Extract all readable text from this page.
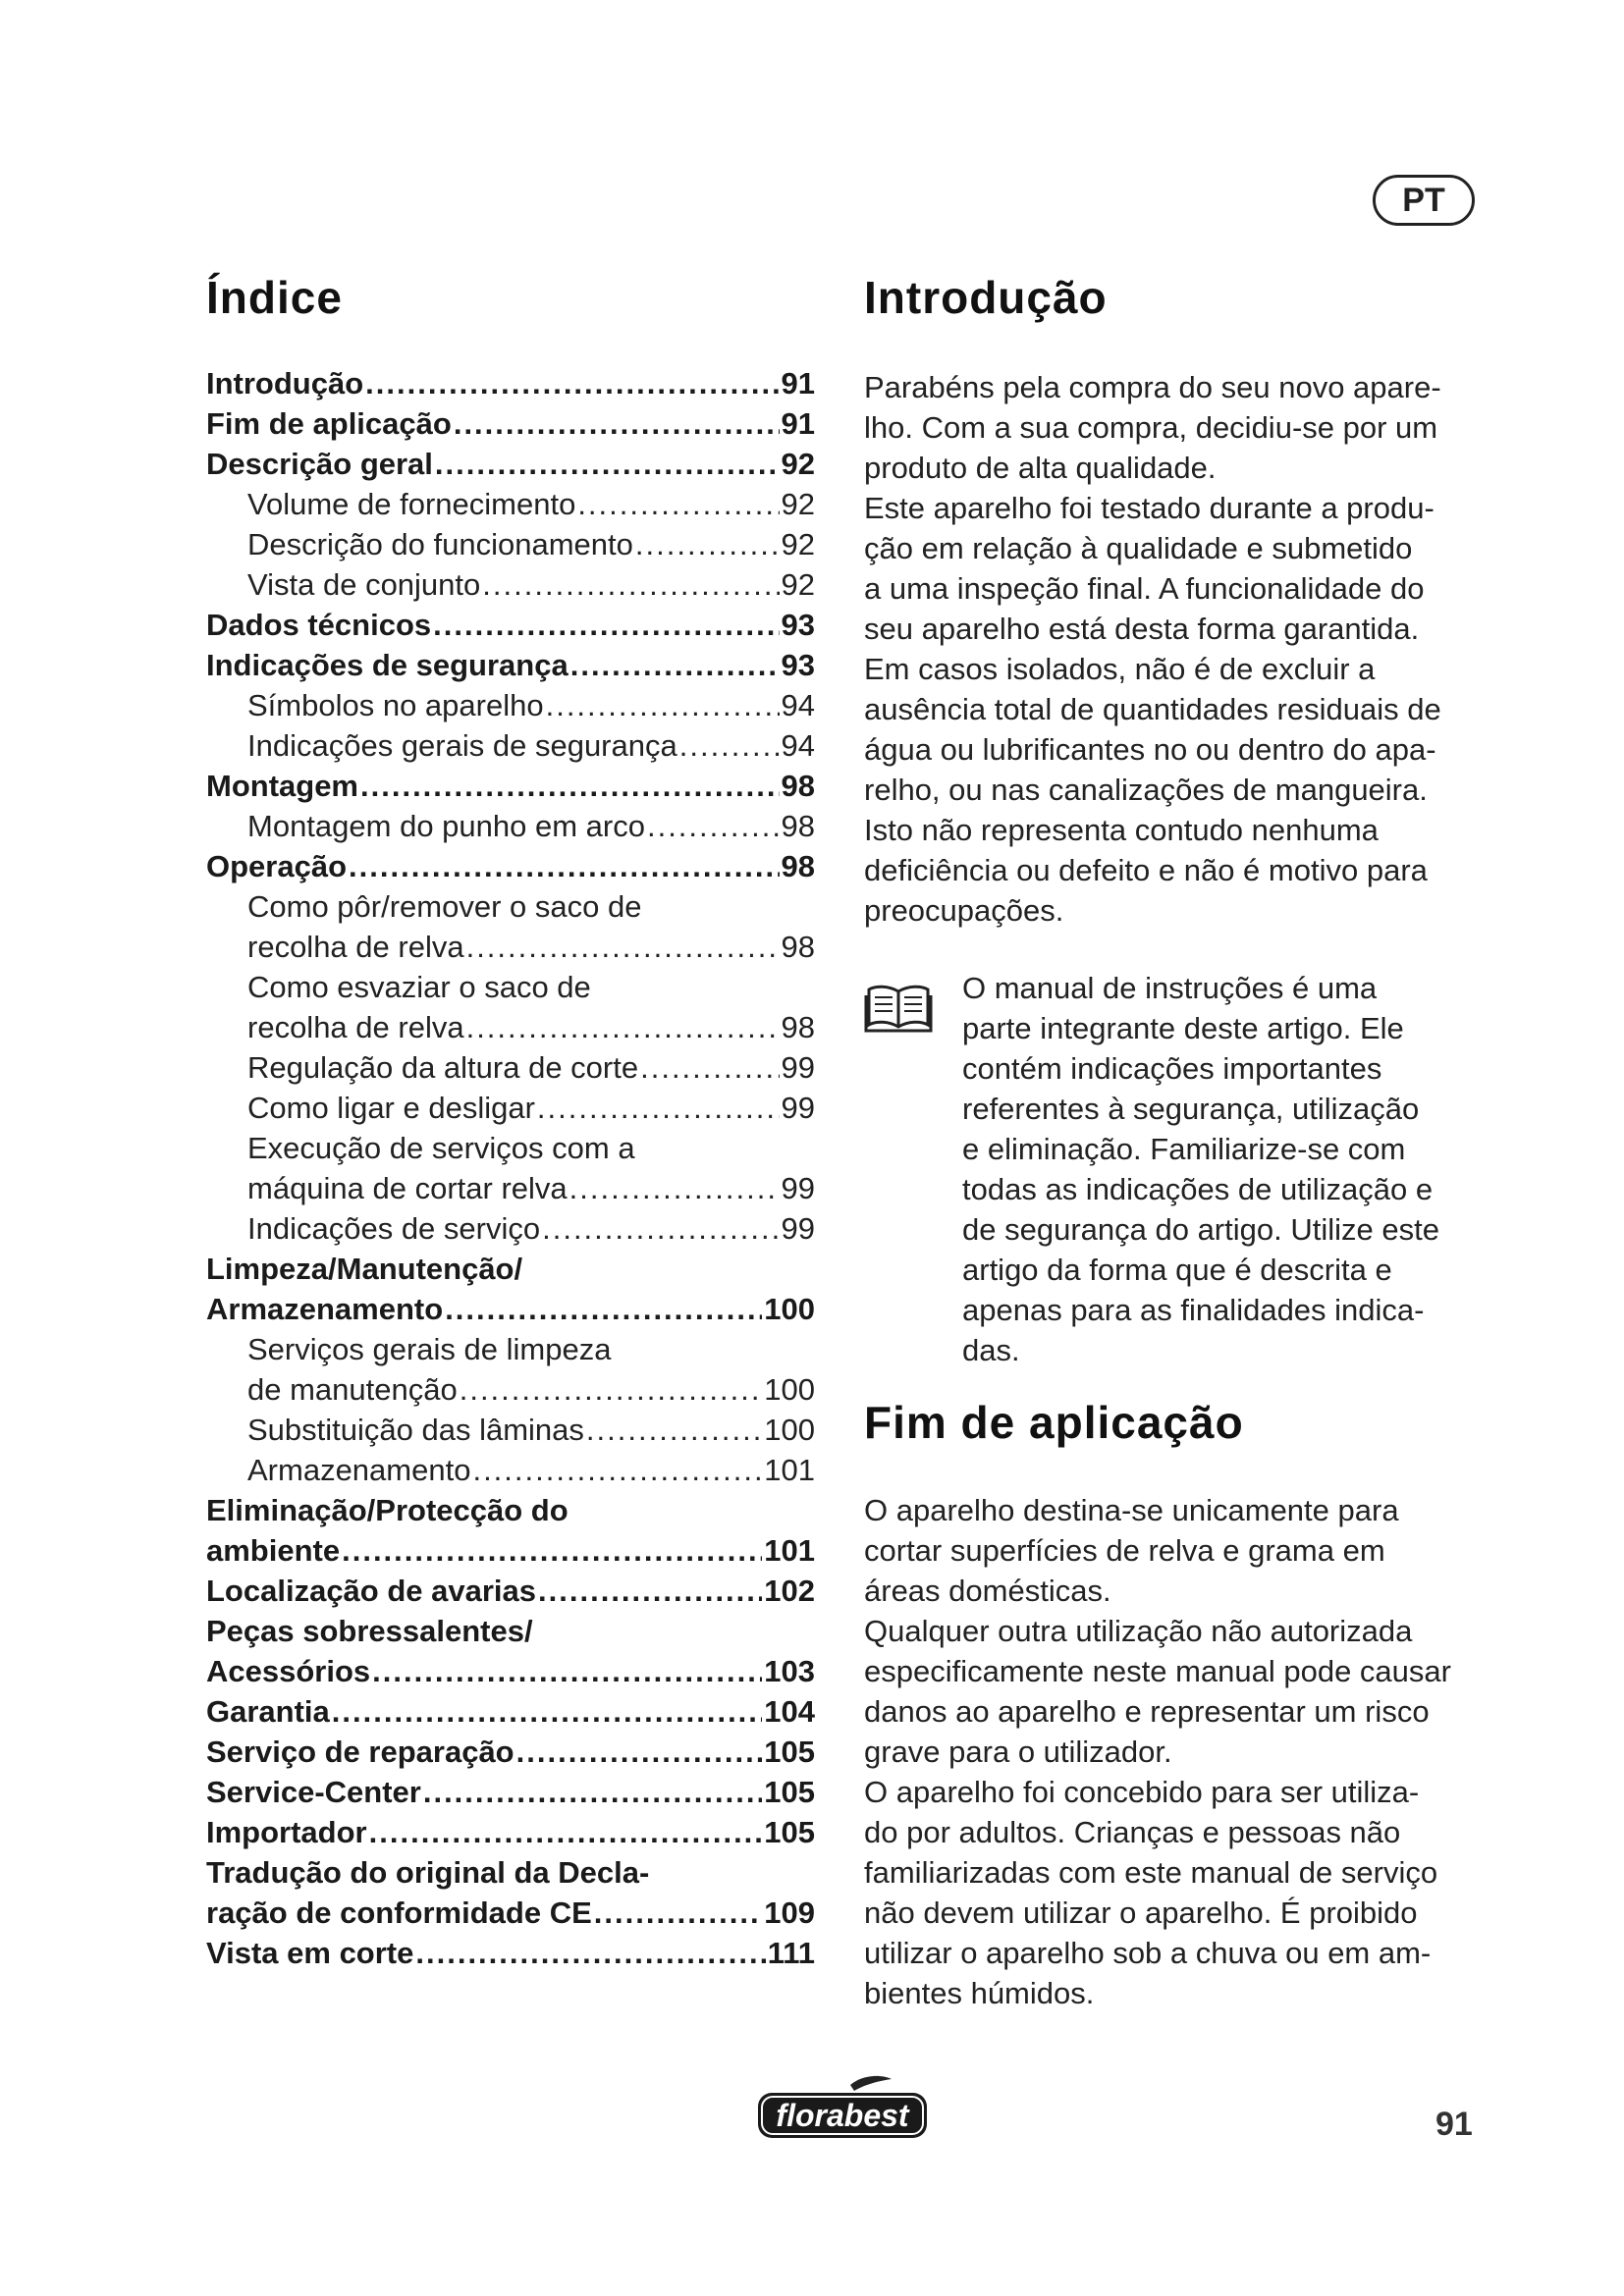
PT
Índice
Introdução .....	91
Fim de aplicação .....	91
Descrição geral .....	92
Volume de fornecimento .....	92
Descrição do funcionamento .....	92
Vista de conjunto .....	92
Dados técnicos .....	93
Indicações de segurança .....	93
Símbolos no aparelho .....	94
Indicações gerais de segurança .....	94
Montagem .....	98
Montagem do punho em arco .....	98
Operação .....	98
Como pôr/remover o saco de
recolha de relva .....	98
Como esvaziar o saco de
recolha de relva .....	98
Regulação da altura de corte .....	99
Como ligar e desligar .....	99
Execução de serviços com a
máquina de cortar relva .....	99
Indicações de serviço .....	99
Limpeza/Manutenção/
Armazenamento .....	100
Serviços gerais de limpeza
de manutenção .....	100
Substituição das lâminas .....	100
Armazenamento .....	101
Eliminação/Protecção do
ambiente .....	101
Localização de avarias .....	102
Peças sobressalentes/
Acessórios .....	103
Garantia .....	104
Serviço de reparação .....	105
Service-Center .....	105
Importador .....	105
Tradução do original da Decla-
ração de conformidade CE .....	109
Vista em corte .....	111
Introdução
Parabéns pela compra do seu novo apare-
lho. Com a sua compra, decidiu-se por um
produto de alta qualidade.
Este aparelho foi testado durante a produ-
ção em relação à qualidade e submetido
a uma inspeção final. A funcionalidade do
seu aparelho está desta forma garantida.
Em casos isolados, não é de excluir a
ausência total de quantidades residuais de
água ou lubrificantes no ou dentro do apa-
relho, ou nas canalizações de mangueira.
Isto não representa contudo nenhuma
deficiência ou defeito e não é motivo para
preocupações.
O manual de instruções é uma
parte integrante deste artigo. Ele
contém indicações importantes
referentes à segurança, utilização
e eliminação. Familiarize-se com
todas as indicações de utilização e
de segurança do artigo. Utilize este
artigo da forma que é descrita e
apenas para as finalidades indica-
das.
Fim de aplicação
O aparelho destina-se unicamente para
cortar superfícies de relva e grama em
áreas domésticas.
Qualquer outra utilização não autorizada
especificamente neste manual pode causar
danos ao aparelho e representar um risco
grave para o utilizador.
O aparelho foi concebido para ser utiliza-
do por adultos. Crianças e pessoas não
familiarizadas com este manual de serviço
não devem utilizar o aparelho. É proibido
utilizar o aparelho sob a chuva ou em am-
bientes húmidos.
florabest	91
